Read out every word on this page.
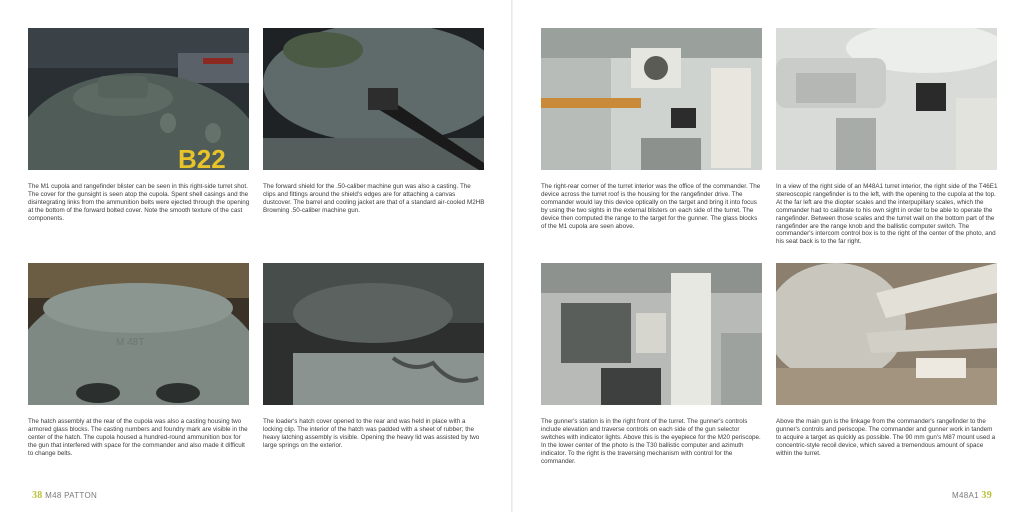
B22
M 48T

The M1 cupola and rangefinder blister can be seen in this right-side turret shot. The cover for the gunsight is seen atop the cupola. Spent shell casings and the disintegrating links from the ammunition belts were ejected through the opening at the bottom of the forward bolted cover. Note the smooth texture of the cast components.

The forward shield for the .50-caliber machine gun was also a casting. The clips and fittings around the shield's edges are for attaching a canvas dustcover. The barrel and cooling jacket are that of a standard air-cooled M2HB Browning .50-caliber machine gun.

The hatch assembly at the rear of the cupola was also a casting housing two armored glass blocks. The casting numbers and foundry mark are visible in the center of the hatch. The cupola housed a hundred-round ammunition box for the gun that interfered with space for the commander and also made it difficult to change belts.

The loader's hatch cover opened to the rear and was held in place with a locking clip. The interior of the hatch was padded with a sheet of rubber; the heavy latching assembly is visible. Opening the heavy lid was assisted by two large springs on the exterior.

38 M48 PATTON

The right-rear corner of the turret interior was the office of the commander. The device across the turret roof is the housing for the rangefinder drive. The commander would lay this device optically on the target and bring it into focus by using the two sights in the external blisters on each side of the turret. The device then computed the range to the target for the gunner. The glass blocks of the M1 cupola are seen above.

In a view of the right side of an M48A1 turret interior, the right side of the T46E1 stereoscopic rangefinder is to the left, with the opening to the cupola at the top. At the far left are the diopter scales and the interpupillary scales, which the commander had to calibrate to his own sight in order to be able to operate the rangefinder. Between those scales and the turret wall on the bottom part of the rangefinder are the range knob and the ballistic computer switch. The commander's intercom control box is to the right of the center of the photo, and his seat back is to the far right.

The gunner's station is in the right front of the turret. The gunner's controls include elevation and traverse controls on each side of the gun selector switches with indicator lights. Above this is the eyepiece for the M20 periscope. In the lower center of the photo is the T30 ballistic computer and azimuth indicator. To the right is the traversing mechanism with control for the commander.

Above the main gun is the linkage from the commander's rangefinder to the gunner's controls and periscope. The commander and gunner work in tandem to acquire a target as quickly as possible. The 90 mm gun's M87 mount used a concentric-style recoil device, which saved a tremendous amount of space within the turret.

M48A1 39
